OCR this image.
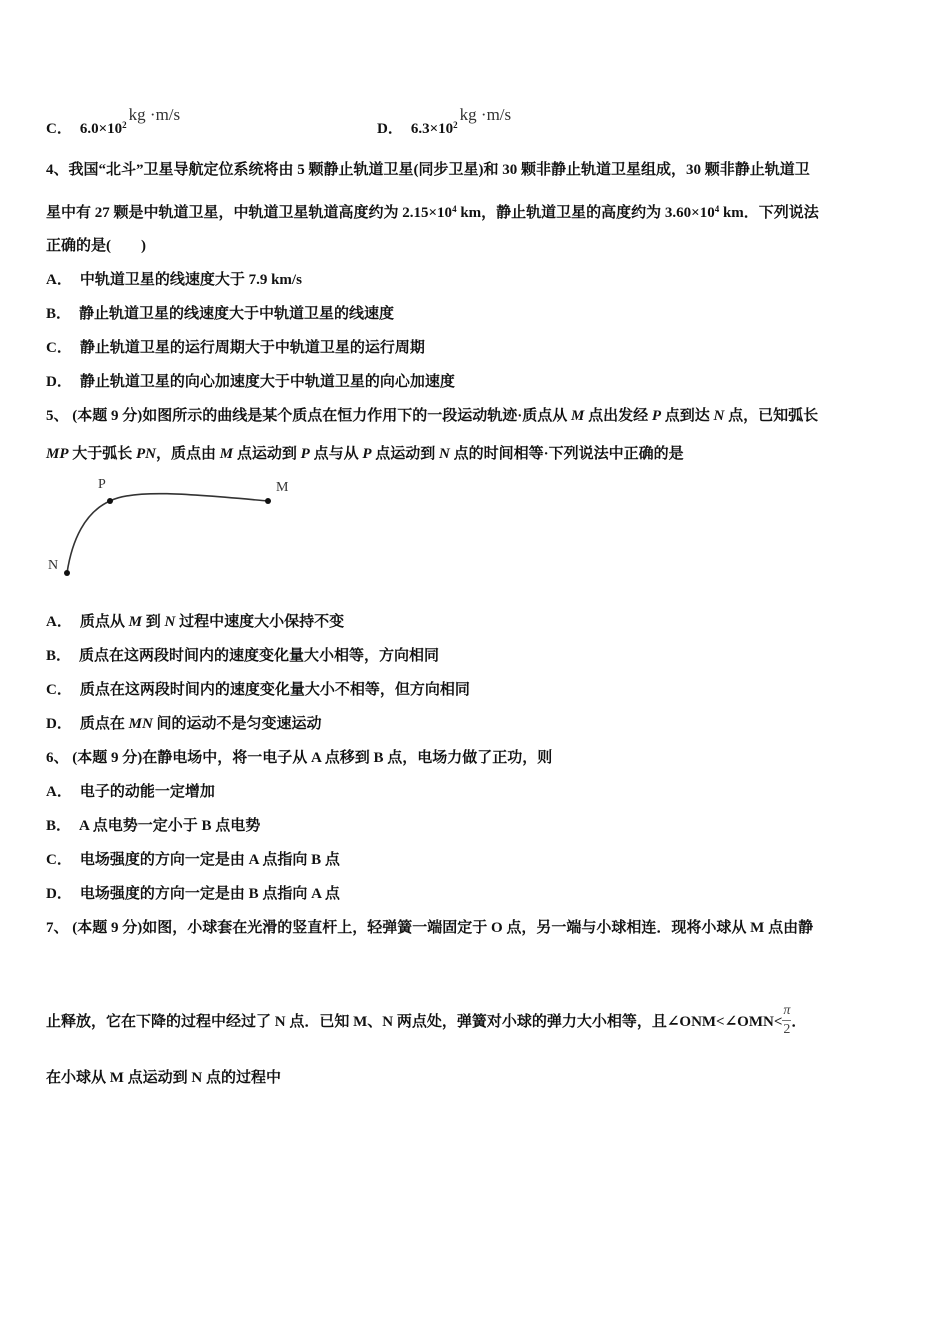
C． $6.0\times 10^2kg \cdot m/s$
D． $6.3\times 10^2kg \cdot m/s$
4、我国“北斗”卫星导航定位系统将由 5 颗静止轨道卫星(同步卫星)和 30 颗非静止轨道卫星组成，30 颗非静止轨道卫
星中有 27 颗是中轨道卫星，中轨道卫星轨道高度约为 $2.15\times 10^4$ km，静止轨道卫星的高度约为 $3.60\times 10^4$ km．下列说法
正确的是(　　)
A． 中轨道卫星的线速度大于 7.9 km/s
B． 静止轨道卫星的线速度大于中轨道卫星的线速度
C． 静止轨道卫星的运行周期大于中轨道卫星的运行周期
D． 静止轨道卫星的向心加速度大于中轨道卫星的向心加速度
5、 (本题 9 分)如图所示的曲线是某个质点在恒力作用下的一段运动轨迹·质点从 M 点出发经 P 点到达 N 点，已知弧长
MP 大于弧长 PN，质点由 M 点运动到 P 点与从 P 点运动到 N 点的时间相等·下列说法中正确的是
P	M
N
A． 质点从 M 到 N 过程中速度大小保持不变
B． 质点在这两段时间内的速度变化量大小相等，方向相同
C． 质点在这两段时间内的速度变化量大小不相等，但方向相同
D． 质点在 MN 间的运动不是匀变速运动
6、 (本题 9 分)在静电场中，将一电子从 A 点移到 B 点，电场力做了正功，则
A． 电子的动能一定增加
B． A 点电势一定小于 B 点电势
C． 电场强度的方向一定是由 A 点指向 B 点
D． 电场强度的方向一定是由 B 点指向 A 点
7、 (本题 9 分)如图，小球套在光滑的竖直杆上，轻弹簧一端固定于 O 点，另一端与小球相连．现将小球从 M 点由静
止释放，它在下降的过程中经过了 N 点．已知 M、N 两点处，弹簧对小球的弹力大小相等，且∠ONM<∠OMN< $\frac{\pi}{2}$ ．
在小球从 M 点运动到 N 点的过程中
